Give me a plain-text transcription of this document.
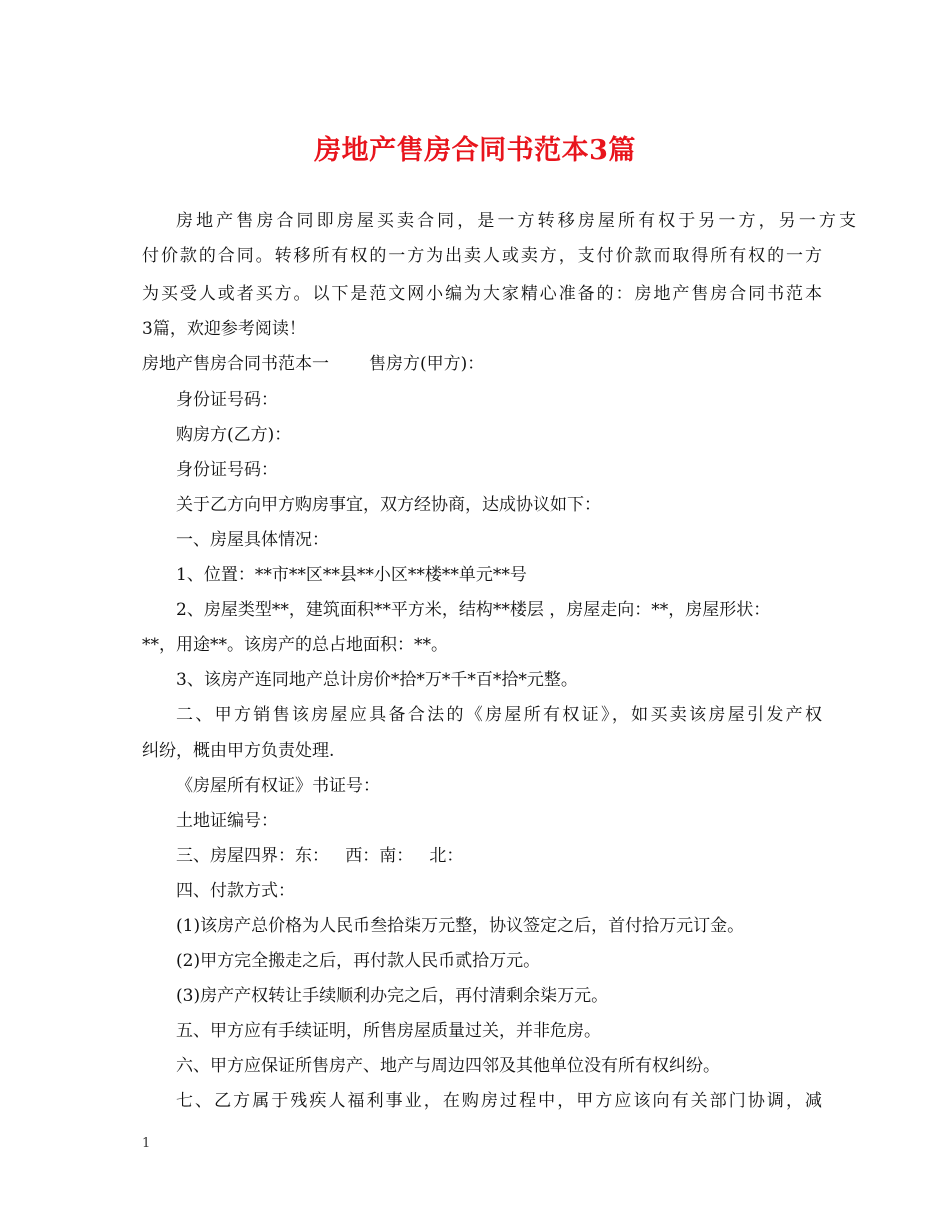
房地产售房合同书范本3篇
房地产售房合同即房屋买卖合同，是一方转移房屋所有权于另一方，另一方支
付价款的合同。转移所有权的一方为出卖人或卖方，支付价款而取得所有权的一方
为买受人或者买方。以下是范文网小编为大家精心准备的：房地产售房合同书范本
3篇，欢迎参考阅读！
房地产售房合同书范本一 售房方(甲方)：
身份证号码：
购房方(乙方)：
身份证号码：
关于乙方向甲方购房事宜，双方经协商，达成协议如下：
一、房屋具体情况：
1、位置：**市**区**县**小区**楼**单元**号
2、房屋类型**，建筑面积**平方米，结构**楼层 ，房屋走向：**，房屋形状：
**，用途**。该房产的总占地面积：**。
3、该房产连同地产总计房价*拾*万*千*百*拾*元整。
二、甲方销售该房屋应具备合法的《房屋所有权证》，如买卖该房屋引发产权
纠纷，概由甲方负责处理.
《房屋所有权证》书证号：
土地证编号：
三、房屋四界：东：   西：南：   北：
四、付款方式：
(1)该房产总价格为人民币叁拾柒万元整，协议签定之后，首付拾万元订金。
(2)甲方完全搬走之后，再付款人民币贰拾万元。
(3)房产产权转让手续顺利办完之后，再付清剩余柒万元。
五、甲方应有手续证明，所售房屋质量过关，并非危房。
六、甲方应保证所售房产、地产与周边四邻及其他单位没有所有权纠纷。
七、乙方属于残疾人福利事业，在购房过程中，甲方应该向有关部门协调，减
1
